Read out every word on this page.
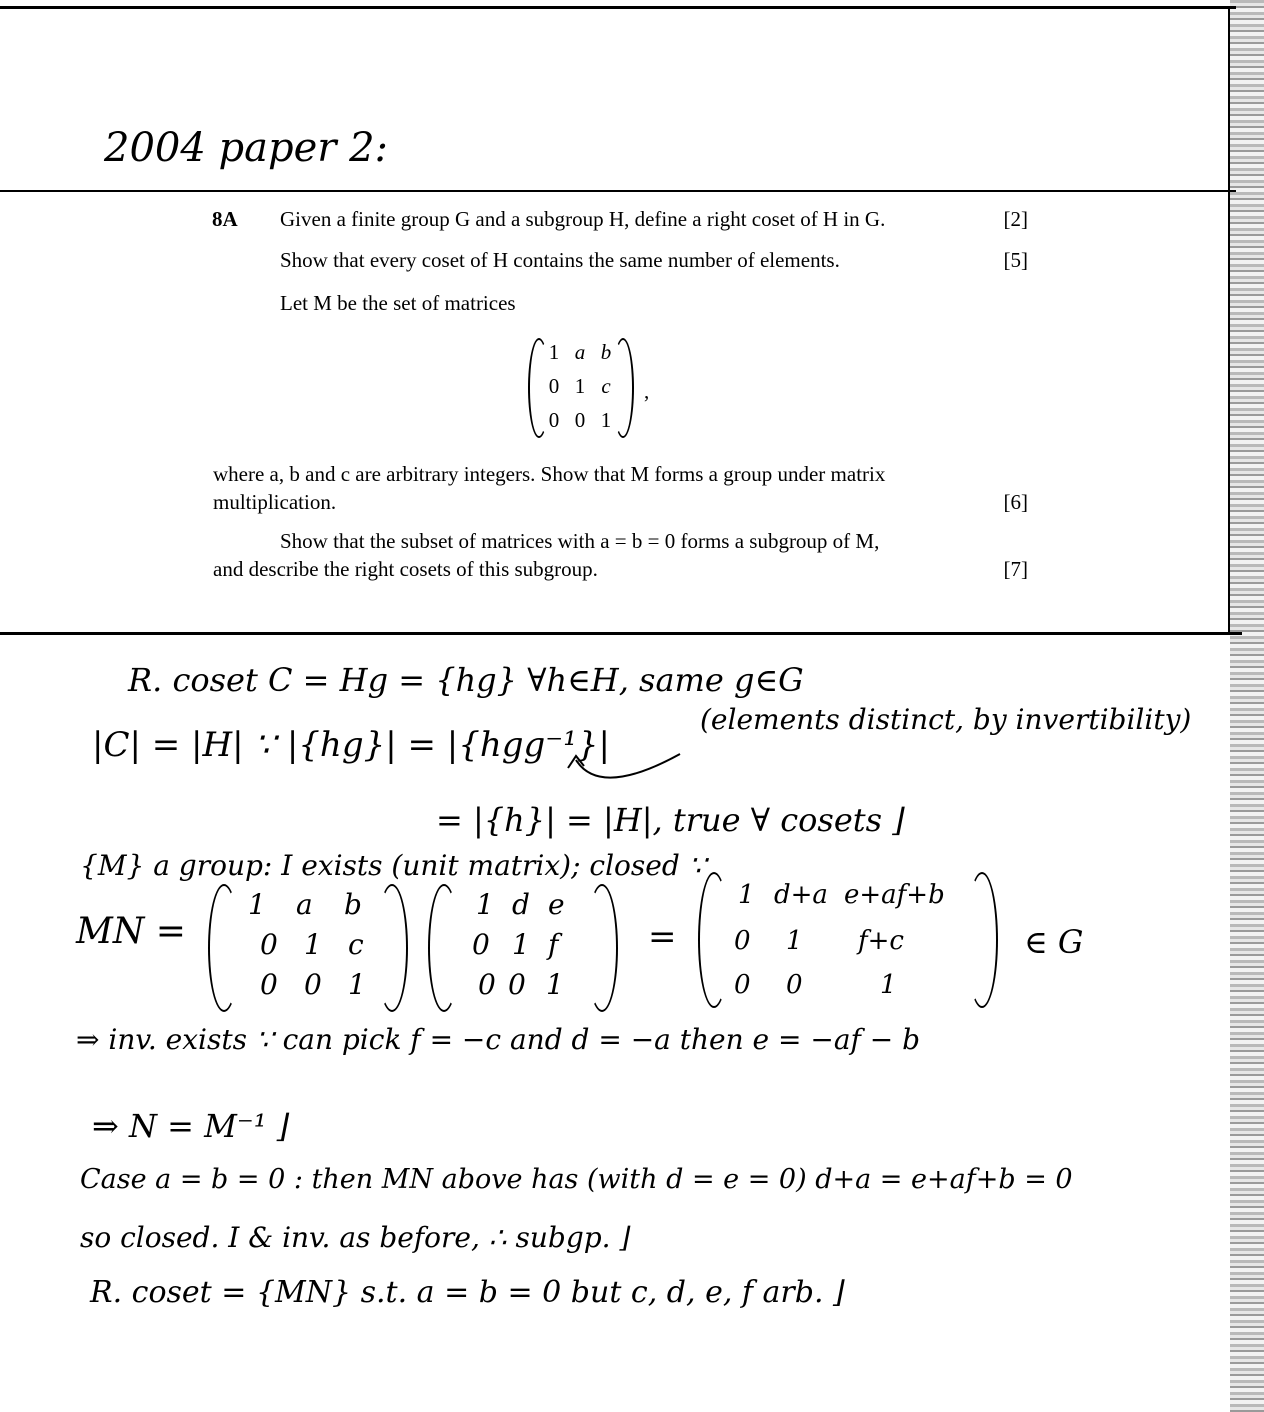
2004 paper 2:
8A Given a finite group G and a subgroup H, define a right coset of H in G.	[2]
Show that every coset of H contains the same number of elements.	[5]
Let M be the set of matrices
1 a b
0 1 c
0 0 1
,
where a, b and c are arbitrary integers. Show that M forms a group under matrix
multiplication.	[6]
Show that the subset of matrices with a = b = 0 forms a subgroup of M,
and describe the right cosets of this subgroup.	[7]
R. coset C = Hg = {hg} ∀h∈H, same g∈G
|C| = |H| ∵ |{hg}| = |{hgg⁻¹}|
(elements distinct, by invertibility)
= |{h}| = |H|, true ∀ cosets ⌋
{M} a group: I exists (unit matrix); closed ∵
MN =
1 a b
0 1 c
0 0 1
1 d e
0 1 f
0 0 1
=
1 d+a e+af+b
0 1 f+c
0 0	1
∈ G
⇒ inv. exists ∵ can pick f = −c and d = −a then e = −af − b
⇒ N = M⁻¹ ⌋
Case a = b = 0 : then MN above has (with d = e = 0) d+a = e+af+b = 0
so closed. I & inv. as before, ∴ subgp. ⌋
R. coset = {MN} s.t. a = b = 0 but c, d, e, f arb. ⌋
